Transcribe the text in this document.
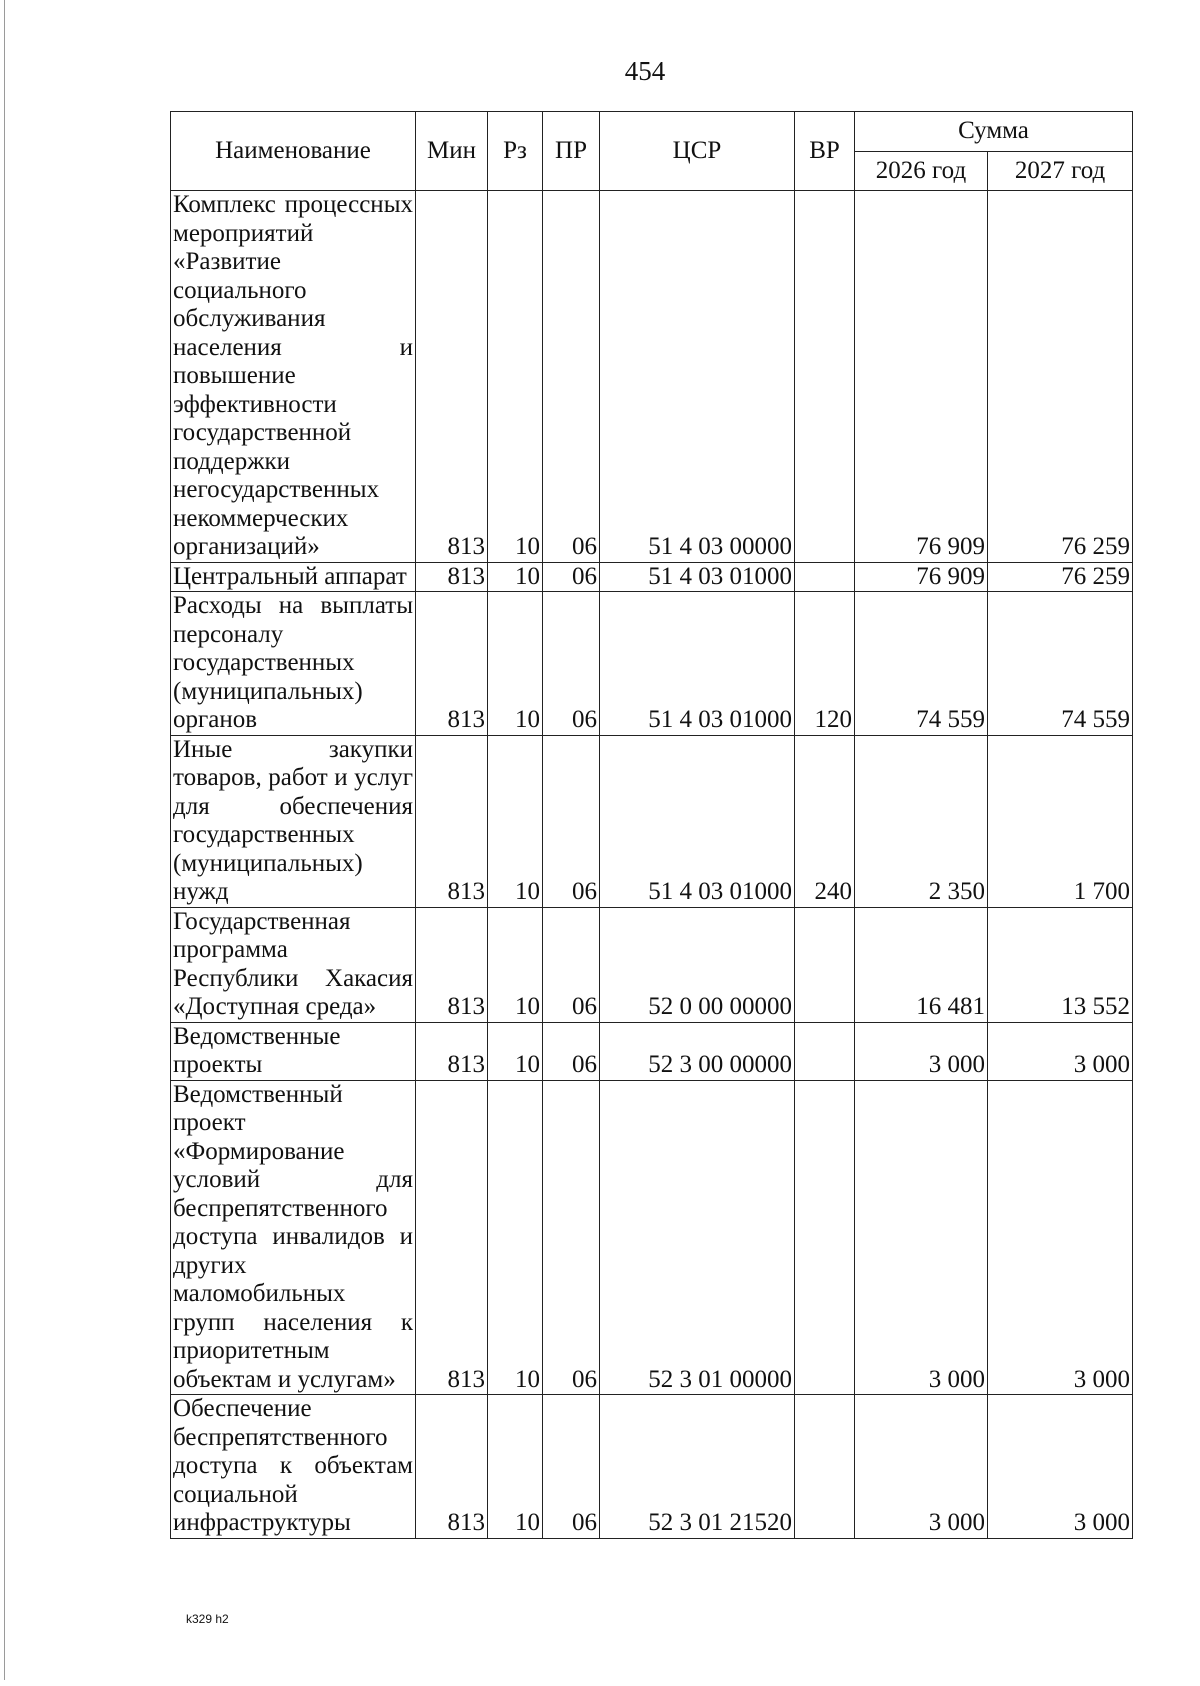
454
Наименование	Мин	Рз	ПР	ЦСР	ВР	Сумма	
						2026 год	2027 год
Комплекс процессных мероприятий «Развитие социального обслуживания населения и повышение эффективности государственной поддержки негосударственных некоммерческих организаций»	813	10	06	51 4 03 00000		76 909	76 259
Центральный аппарат	813	10	06	51 4 03 01000		76 909	76 259
Расходы на выплаты персоналу государственных (муниципальных) органов	813	10	06	51 4 03 01000	120	74 559	74 559
Иные закупки товаров, работ и услуг для обеспечения государственных (муниципальных) нужд	813	10	06	51 4 03 01000	240	2 350	1 700
Государственная программа Республики Хакасия «Доступная среда»	813	10	06	52 0 00 00000		16 481	13 552
Ведомственные проекты	813	10	06	52 3 00 00000		3 000	3 000
Ведомственный проект «Формирование условий для беспрепятственного доступа инвалидов и других маломобильных групп населения к приоритетным объектам и услугам»	813	10	06	52 3 01 00000		3 000	3 000
Обеспечение беспрепятственного доступа к объектам социальной инфраструктуры	813	10	06	52 3 01 21520		3 000	3 000
k329 h2
